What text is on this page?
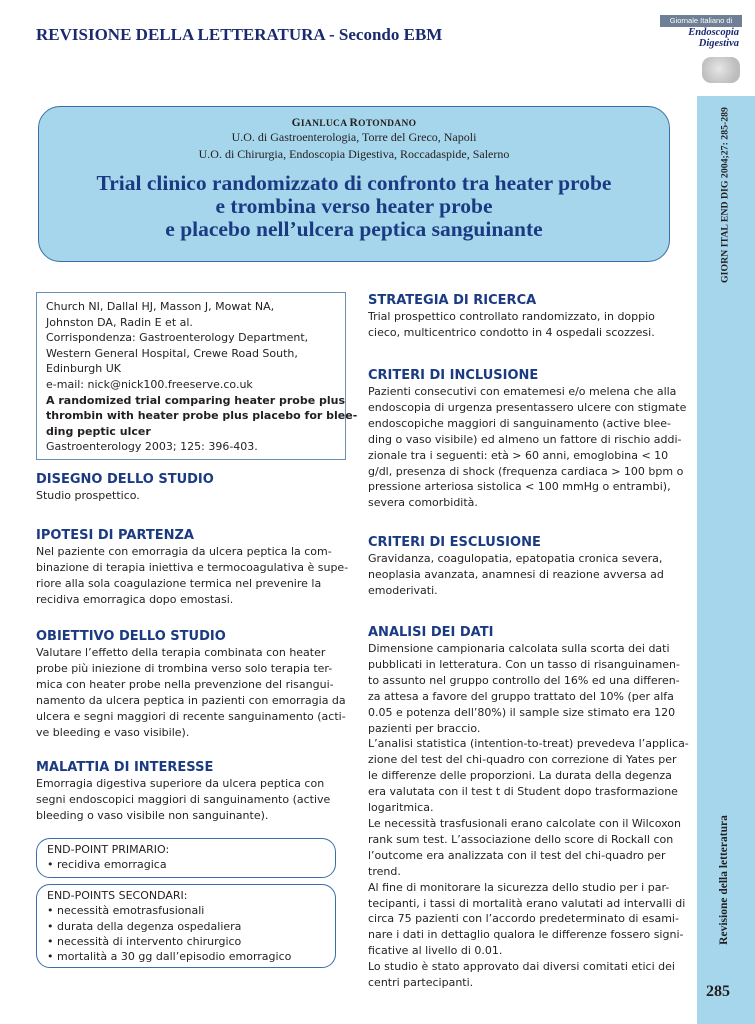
REVISIONE DELLA LETTERATURA - Secondo EBM
Giornale Italiano di
Endoscopia
Digestiva
GIORN ITAL END DIG 2004;27: 285-289
Revisione della letteratura
285
GIANLUCA ROTONDANO
U.O. di Gastroenterologia, Torre del Greco, Napoli
U.O. di Chirurgia, Endoscopia Digestiva, Roccadaspide, Salerno
Trial clinico randomizzato di confronto tra heater probe
e trombina verso heater probe
e placebo nell’ulcera peptica sanguinante
Church NI, Dallal HJ, Masson J, Mowat NA,
Johnston DA, Radin E et al.
Corrispondenza: Gastroenterology Department,
Western General Hospital, Crewe Road South,
Edinburgh UK
e-mail: nick@nick100.freeserve.co.uk
A randomized trial comparing heater probe plus
thrombin with heater probe plus placebo for blee-
ding peptic ulcer
Gastroenterology 2003; 125: 396-403.
DISEGNO DELLO STUDIO
Studio prospettico.
IPOTESI DI PARTENZA
Nel paziente con emorragia da ulcera peptica la com-
binazione di terapia iniettiva e termocoagulativa è supe-
riore alla sola coagulazione termica nel prevenire la
recidiva emorragica dopo emostasi.
OBIETTIVO DELLO STUDIO
Valutare l’effetto della terapia combinata con heater
probe più iniezione di trombina verso solo terapia ter-
mica con heater probe nella prevenzione del risangui-
namento da ulcera peptica in pazienti con emorragia da
ulcera e segni maggiori di recente sanguinamento (acti-
ve bleeding e vaso visibile).
MALATTIA DI INTERESSE
Emorragia digestiva superiore da ulcera peptica con
segni endoscopici maggiori di sanguinamento (active
bleeding o vaso visibile non sanguinante).
END-POINT PRIMARIO:
• recidiva emorragica
END-POINTS SECONDARI:
• necessità emotrasfusionali
• durata della degenza ospedaliera
• necessità di intervento chirurgico
• mortalità a 30 gg dall’episodio emorragico
STRATEGIA DI RICERCA
Trial prospettico controllato randomizzato, in doppio
cieco, multicentrico condotto in 4 ospedali scozzesi.
CRITERI DI INCLUSIONE
Pazienti consecutivi con ematemesi e/o melena che alla
endoscopia di urgenza presentassero ulcere con stigmate
endoscopiche maggiori di sanguinamento (active blee-
ding o vaso visibile) ed almeno un fattore di rischio addi-
zionale tra i seguenti: età > 60 anni, emoglobina < 10
g/dl, presenza di shock (frequenza cardiaca > 100 bpm o
pressione arteriosa sistolica < 100 mmHg o entrambi),
severa comorbidità.
CRITERI DI ESCLUSIONE
Gravidanza, coagulopatia, epatopatia cronica severa,
neoplasia avanzata, anamnesi di reazione avversa ad
emoderivati.
ANALISI DEI DATI
Dimensione campionaria calcolata sulla scorta dei dati
pubblicati in letteratura. Con un tasso di risanguinamen-
to assunto nel gruppo controllo del 16% ed una differen-
za attesa a favore del gruppo trattato del 10% (per alfa
0.05 e potenza dell’80%) il sample size stimato era 120
pazienti per braccio.
L’analisi statistica (intention-to-treat) prevedeva l’applica-
zione del test del chi-quadro con correzione di Yates per
le differenze delle proporzioni. La durata della degenza
era valutata con il test t di Student dopo trasformazione
logaritmica.
Le necessità trasfusionali erano calcolate con il Wilcoxon
rank sum test. L’associazione dello score di Rockall con
l’outcome era analizzata con il test del chi-quadro per
trend.
Al fine di monitorare la sicurezza dello studio per i par-
tecipanti, i tassi di mortalità erano valutati ad intervalli di
circa 75 pazienti con l’accordo predeterminato di esami-
nare i dati in dettaglio qualora le differenze fossero signi-
ficative al livello di 0.01.
Lo studio è stato approvato dai diversi comitati etici dei
centri partecipanti.
